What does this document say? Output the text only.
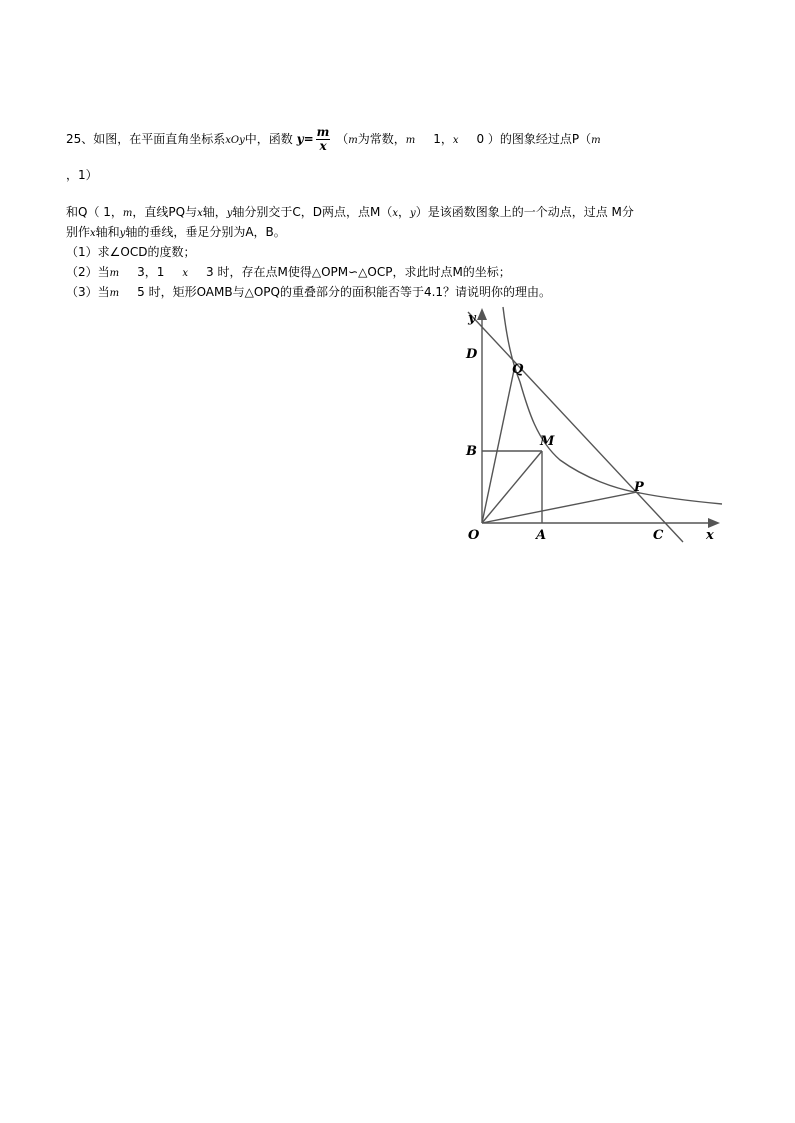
25、如图，在平面直角坐标系xOy中，函数 $y= \frac{m}{x} (m$为常数，m 1，x 0 ）的图象经过点P（m
，1）
和Q（ 1，m，直线PQ与x轴，y轴分别交于C，D两点，点M（x，y）是该函数图象上的一个动点，过点 M分
别作x轴和y轴的垂线，垂足分别为A，B。
（1）求∠OCD的度数；
（2）当m 3，1 x 3 时，存在点M使得△OPM∽△OCP，求此时点M的坐标；
（3）当m 5 时，矩形OAMB与△OPQ的重叠部分的面积能否等于4.1？请说明你的理由。
y
x
D
Q
B
M
P
O	A	C
